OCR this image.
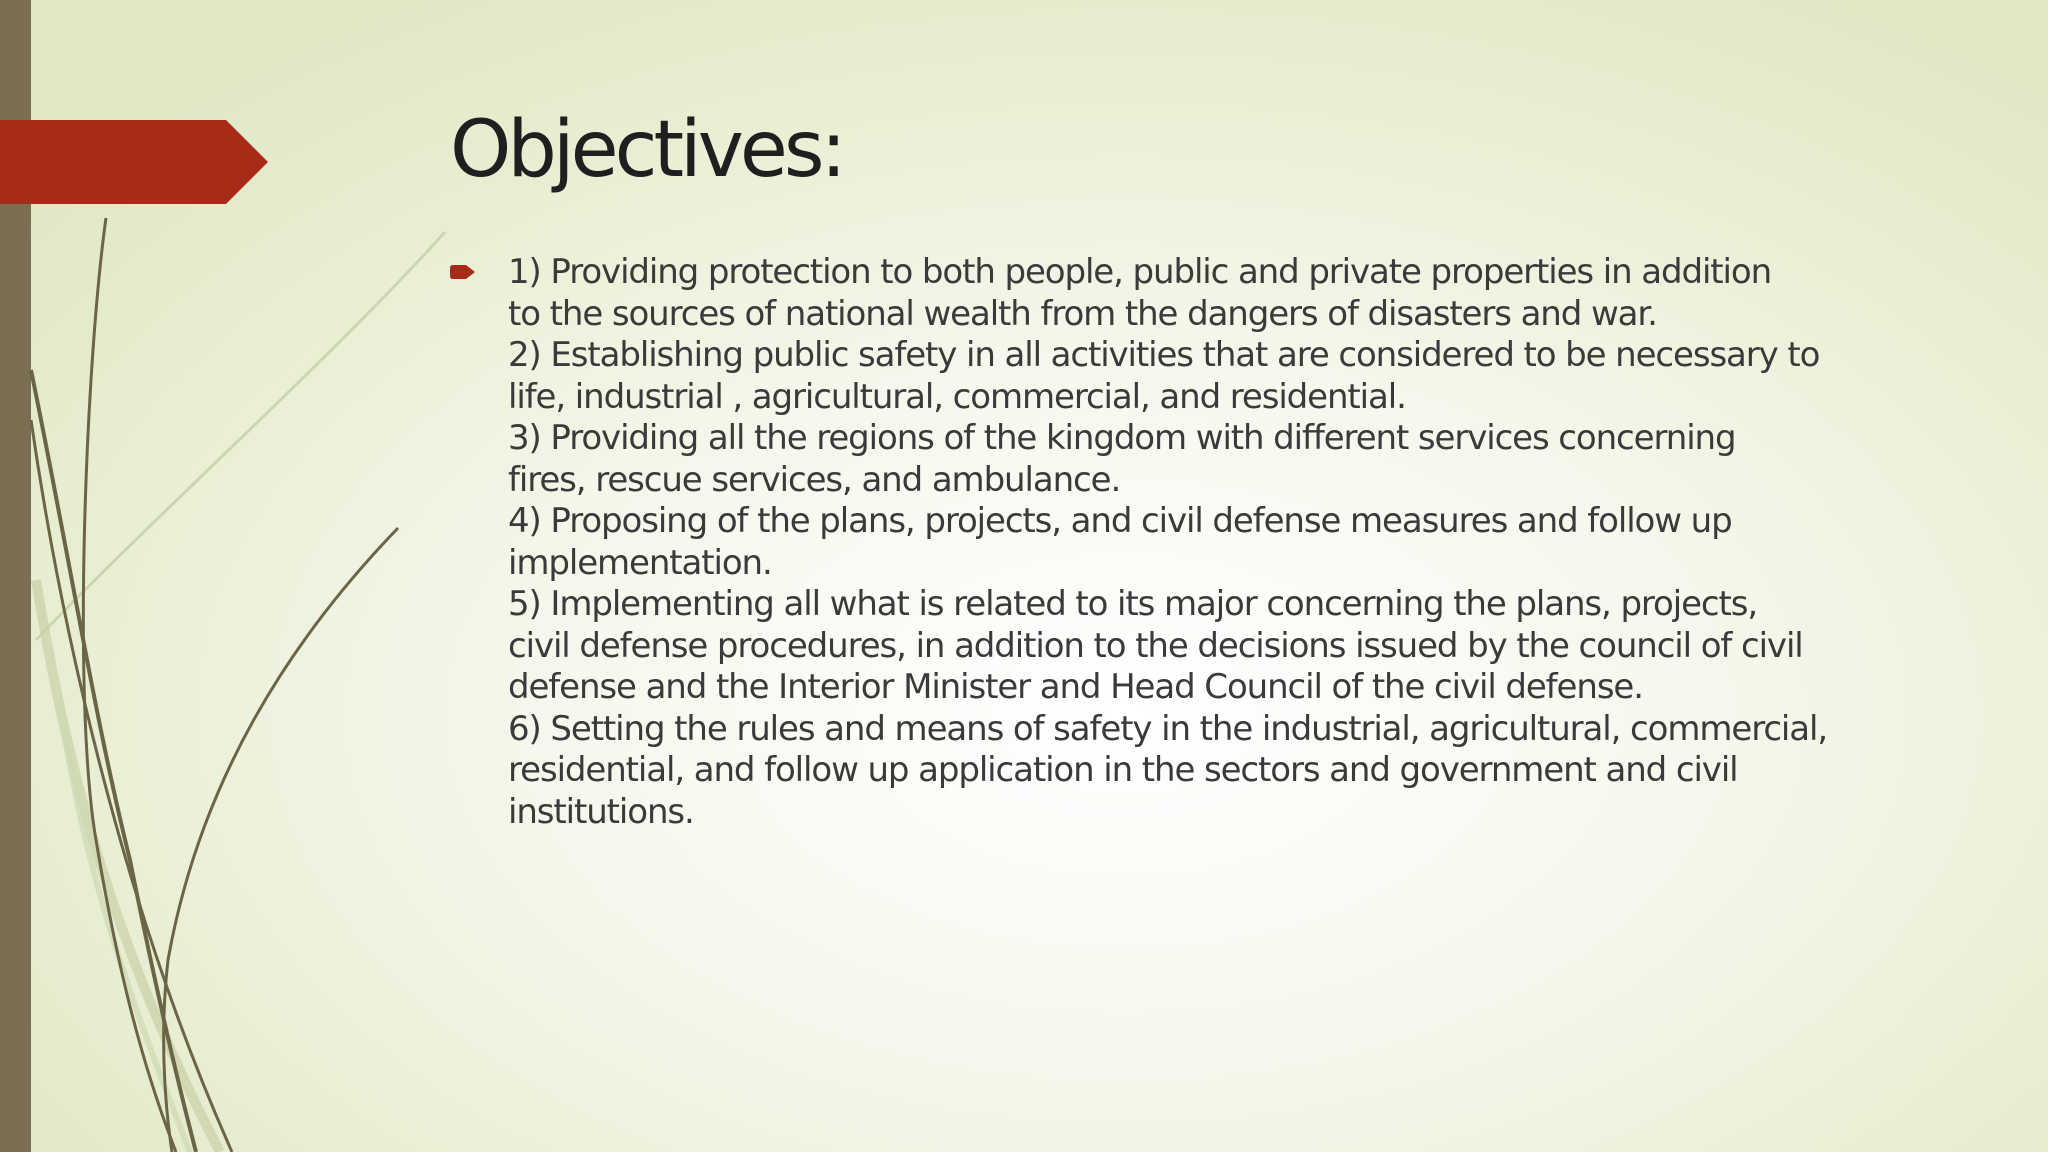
Objectives:
1) Providing protection to both people, public and private properties in addition
to the sources of national wealth from the dangers of disasters and war.
2) Establishing public safety in all activities that are considered to be necessary to
life, industrial , agricultural, commercial, and residential.
3) Providing all the regions of the kingdom with different services concerning
fires, rescue services, and ambulance.
4) Proposing of the plans, projects, and civil defense measures and follow up
implementation.
5) Implementing all what is related to its major concerning the plans, projects,
civil defense procedures, in addition to the decisions issued by the council of civil
defense and the Interior Minister and Head Council of the civil defense.
6) Setting the rules and means of safety in the industrial, agricultural, commercial,
residential, and follow up application in the sectors and government and civil
institutions.
